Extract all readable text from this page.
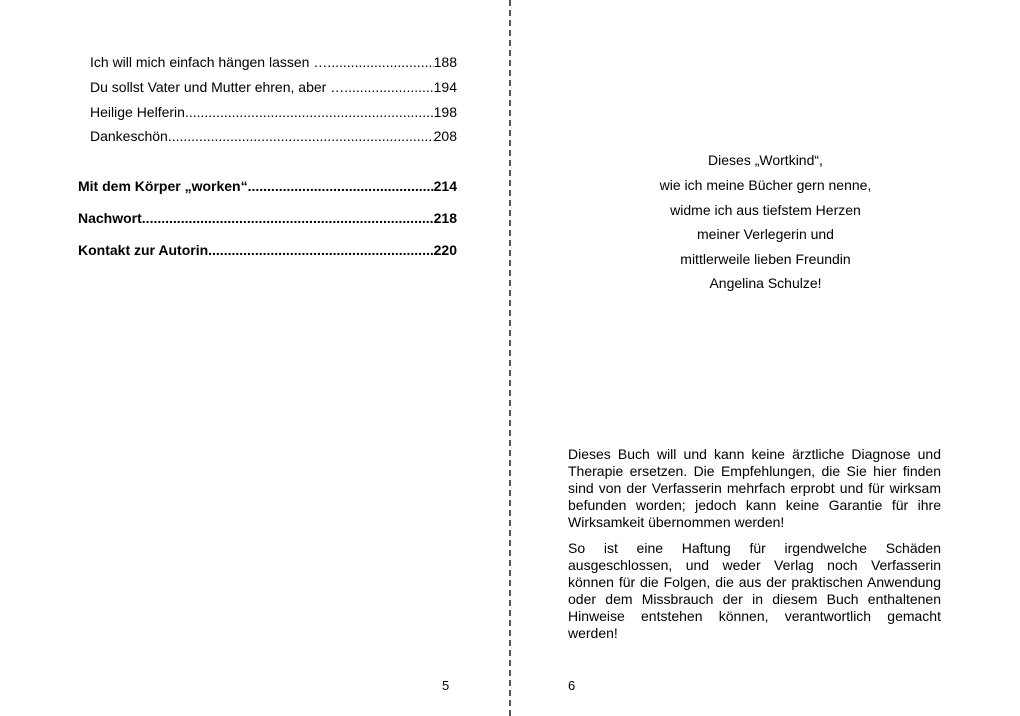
Ich will mich einfach hängen lassen … .....	188
Du sollst Vater und Mutter ehren, aber … .....	194
Heilige Helferin .....	198
Dankeschön .....	208
Mit dem Körper „worken“ .....	214
Nachwort .....	218
Kontakt zur Autorin .....	220
5
Dieses „Wortkind“,
wie ich meine Bücher gern nenne,
widme ich aus tiefstem Herzen
meiner Verlegerin und
mittlerweile lieben Freundin
Angelina Schulze!

Dieses Buch will und kann keine ärztliche Diagnose und Therapie ersetzen. Die Empfehlungen, die Sie hier finden sind von der Verfasserin mehrfach erprobt und für wirksam befunden worden; jedoch kann keine Garantie für ihre Wirksamkeit übernommen werden!

So ist eine Haftung für irgendwelche Schäden ausgeschlossen, und weder Verlag noch Verfasserin können für die Folgen, die aus der praktischen Anwendung oder dem Missbrauch der in diesem Buch enthaltenen Hinweise entstehen können, verantwortlich gemacht werden!

6
